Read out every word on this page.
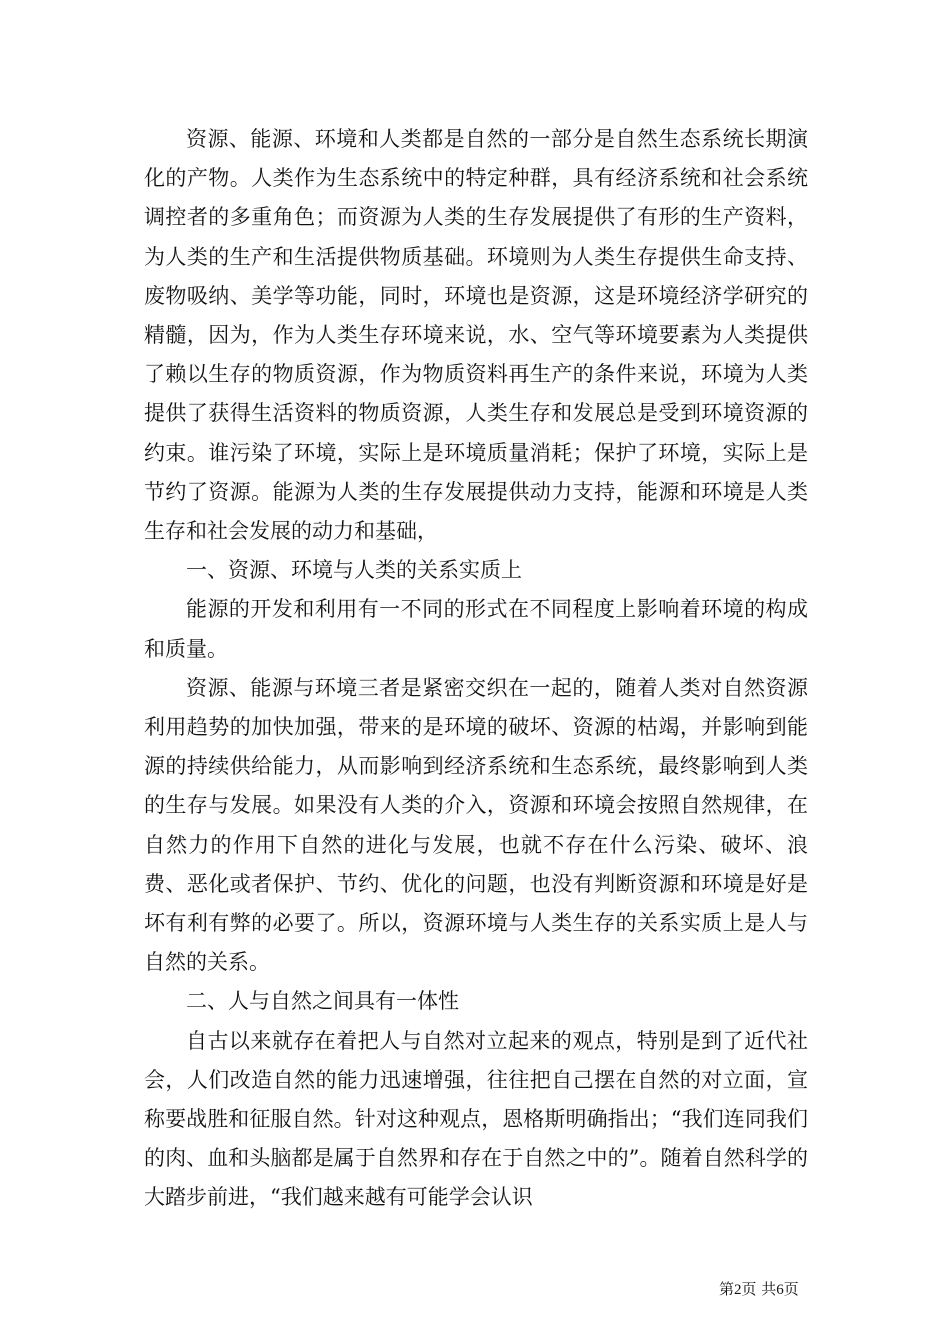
资源、能源、环境和人类都是自然的一部分是自然生态系统长期演化的产物。人类作为生态系统中的特定种群，具有经济系统和社会系统调控者的多重角色；而资源为人类的生存发展提供了有形的生产资料，为人类的生产和生活提供物质基础。环境则为人类生存提供生命支持、废物吸纳、美学等功能，同时，环境也是资源，这是环境经济学研究的精髓，因为，作为人类生存环境来说，水、空气等环境要素为人类提供了赖以生存的物质资源，作为物质资料再生产的条件来说，环境为人类提供了获得生活资料的物质资源，人类生存和发展总是受到环境资源的约束。谁污染了环境，实际上是环境质量消耗；保护了环境，实际上是节约了资源。能源为人类的生存发展提供动力支持，能源和环境是人类生存和社会发展的动力和基础，

一、资源、环境与人类的关系实质上

能源的开发和利用有一不同的形式在不同程度上影响着环境的构成和质量。

资源、能源与环境三者是紧密交织在一起的，随着人类对自然资源利用趋势的加快加强，带来的是环境的破坏、资源的枯竭，并影响到能源的持续供给能力，从而影响到经济系统和生态系统，最终影响到人类的生存与发展。如果没有人类的介入，资源和环境会按照自然规律，在自然力的作用下自然的进化与发展，也就不存在什么污染、破坏、浪费、恶化或者保护、节约、优化的问题，也没有判断资源和环境是好是坏有利有弊的必要了。所以，资源环境与人类生存的关系实质上是人与自然的关系。

二、人与自然之间具有一体性

自古以来就存在着把人与自然对立起来的观点，特别是到了近代社会，人们改造自然的能力迅速增强，往往把自己摆在自然的对立面，宣称要战胜和征服自然。针对这种观点，恩格斯明确指出；“我们连同我们的肉、血和头脑都是属于自然界和存在于自然之中的”。随着自然科学的大踏步前进，“我们越来越有可能学会认识

第2页 共6页
